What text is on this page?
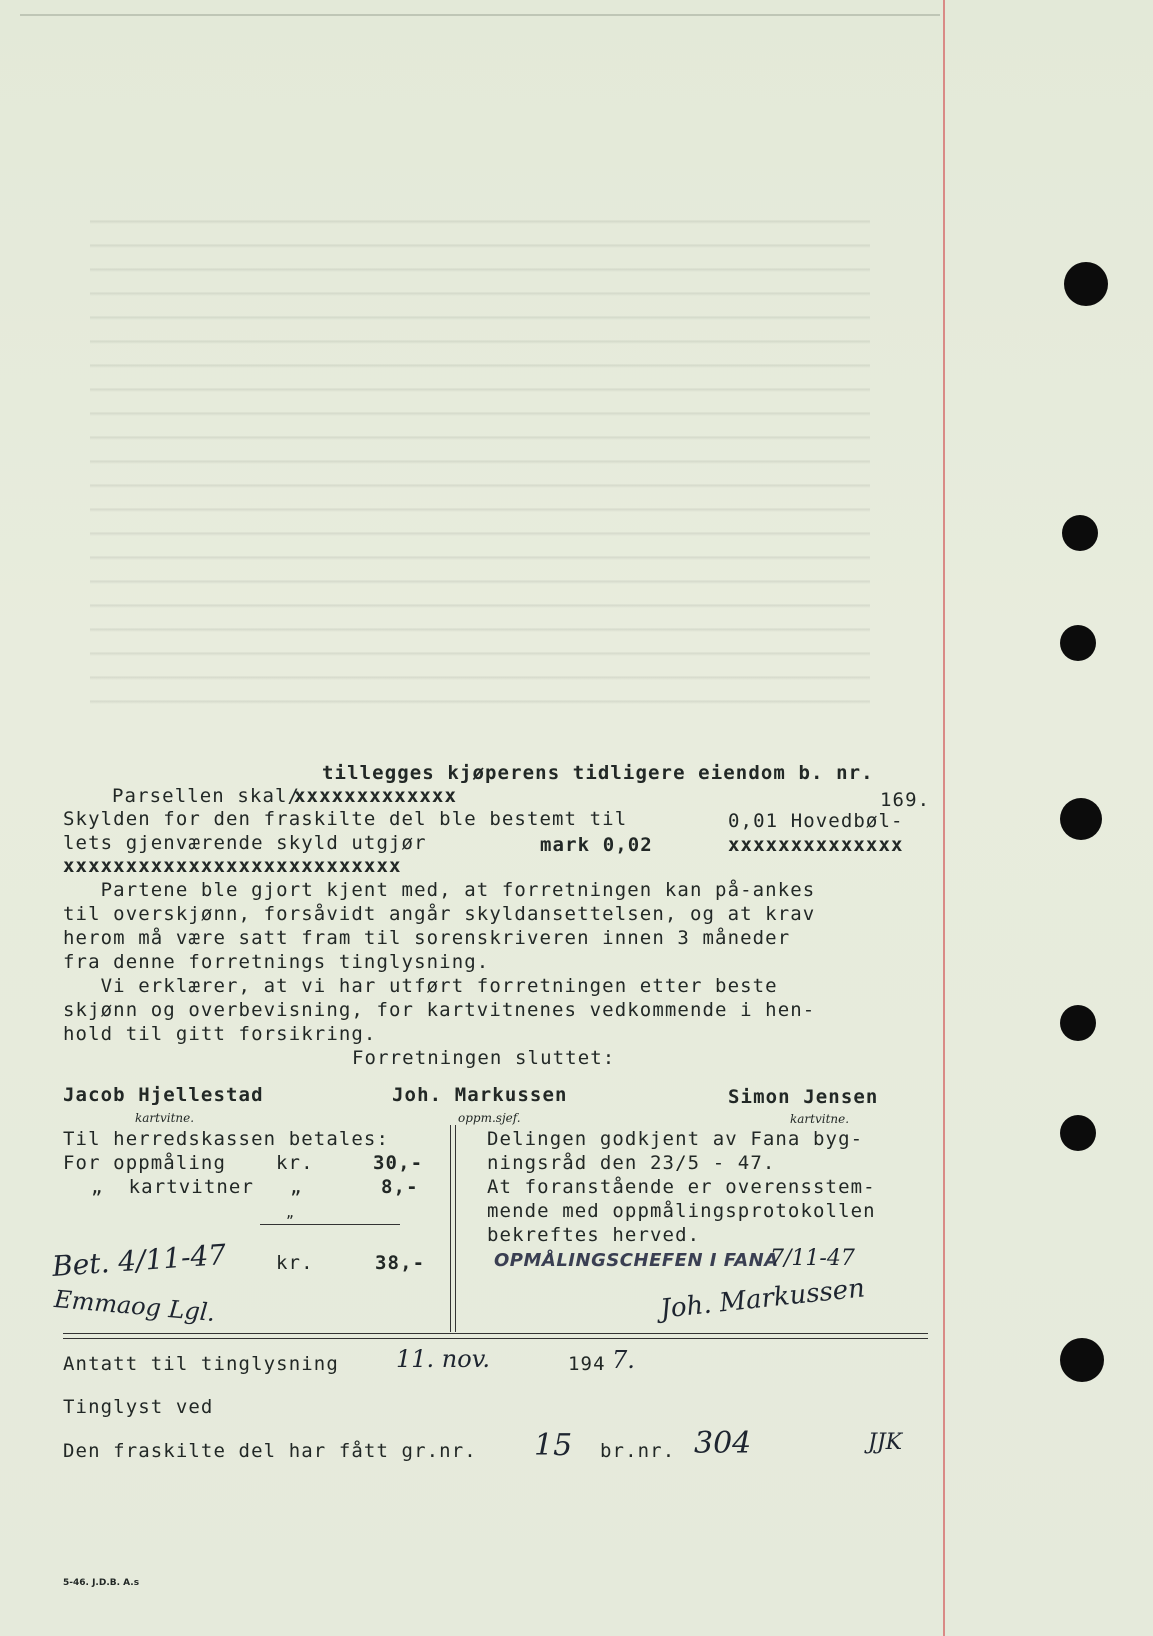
tillegges kjøperens tidligere eiendom b. nr.
Parsellen skal/
xxxxxxxxxxxxx	169.
Skylden for den fraskilte del ble bestemt til	0,01 Hovedbøl-
lets gjenværende skyld utgjør	mark 0,02	xxxxxxxxxxxxxx
xxxxxxxxxxxxxxxxxxxxxxxxxxx
Partene ble gjort kjent med, at forretningen kan på-ankes
til overskjønn, forsåvidt angår skyldansettelsen, og at krav
herom må være satt fram til sorenskriveren innen 3 måneder
fra denne forretnings tinglysning.
Vi erklærer, at vi har utført forretningen etter beste
skjønn og overbevisning, for kartvitnenes vedkommende i hen-
hold til gitt forsikring.
Forretningen sluttet:
Jacob Hjellestad
kartvitne.
Joh. Markussen
oppm.sjef.
Simon Jensen
kartvitne.
Til herredskassen betales:
For oppmåling	kr.	30,-
„  kartvitner „	8,-
„
kr.	38,-
Bet. 4/11-47
Emmaog Lgl.
Delingen godkjent av Fana byg-
ningsråd den 23/5 - 47.
At foranstående er overensstem-
mende med oppmålingsprotokollen
bekreftes herved.
OPMÅLINGSCHEFEN I FANA
7/11-47
Joh. Markussen
Antatt til tinglysning 11. nov.	194 7.
Tinglyst ved
Den fraskilte del har fått gr.nr. 15 br.nr. 304	JJK
5-46. J.D.B. A.s
